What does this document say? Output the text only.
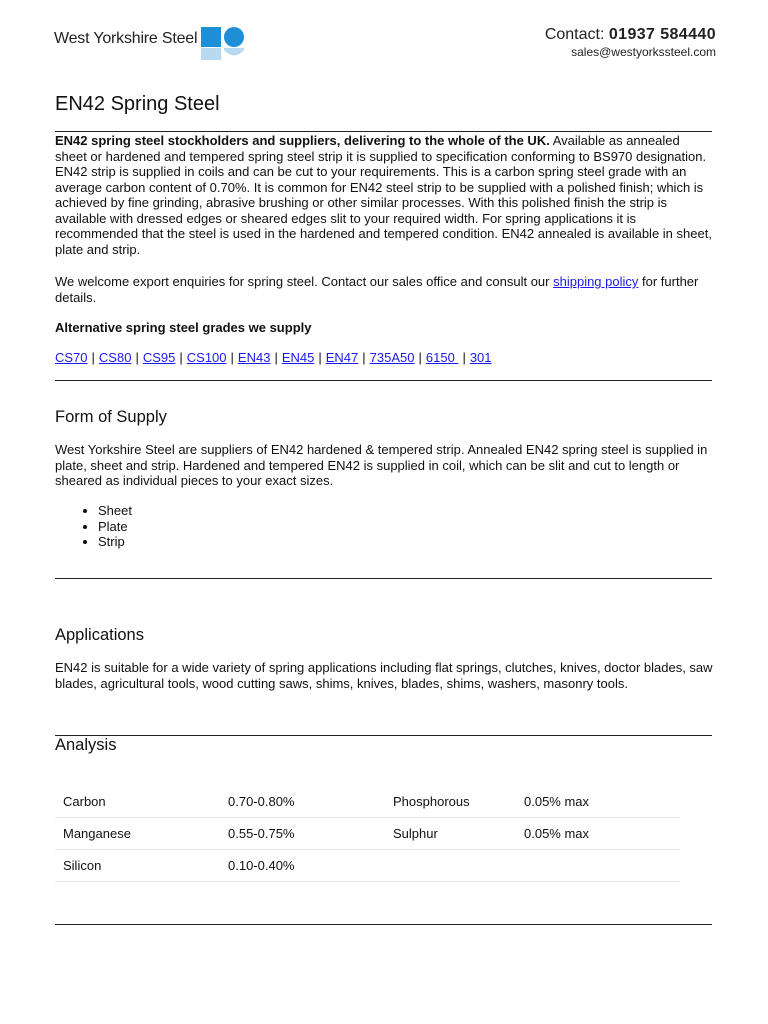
West Yorkshire Steel	Contact: 01937 584440
sales@westyorkssteel.com
EN42 Spring Steel

EN42 spring steel stockholders and suppliers, delivering to the whole of the UK. Available as annealed sheet or hardened and tempered spring steel strip it is supplied to specification conforming to BS970 designation. EN42 strip is supplied in coils and can be cut to your requirements. This is a carbon spring steel grade with an average carbon content of 0.70%. It is common for EN42 steel strip to be supplied with a polished finish; which is achieved by fine grinding, abrasive brushing or other similar processes. With this polished finish the strip is available with dressed edges or sheared edges slit to your required width. For spring applications it is recommended that the steel is used in the hardened and tempered condition. EN42 annealed is available in sheet, plate and strip.

We welcome export enquiries for spring steel. Contact our sales office and consult our shipping policy for further details.

Alternative spring steel grades we supply

CS70 | CS80 | CS95 | CS100 | EN43 | EN45 | EN47 | 735A50 | 6150 | 301
Form of Supply

West Yorkshire Steel are suppliers of EN42 hardened & tempered strip. Annealed EN42 spring steel is supplied in plate, sheet and strip. Hardened and tempered EN42 is supplied in coil, which can be slit and cut to length or sheared as individual pieces to your exact sizes.

• Sheet
• Plate
• Strip
Applications

EN42 is suitable for a wide variety of spring applications including flat springs, clutches, knives, doctor blades, saw blades, agricultural tools, wood cutting saws, shims, knives, blades, shims, washers, masonry tools.

Analysis
Carbon	0.70-0.80%	Phosphorous	0.05% max
Manganese	0.55-0.75%	Sulphur	0.05% max
Silicon	0.10-0.40%		
